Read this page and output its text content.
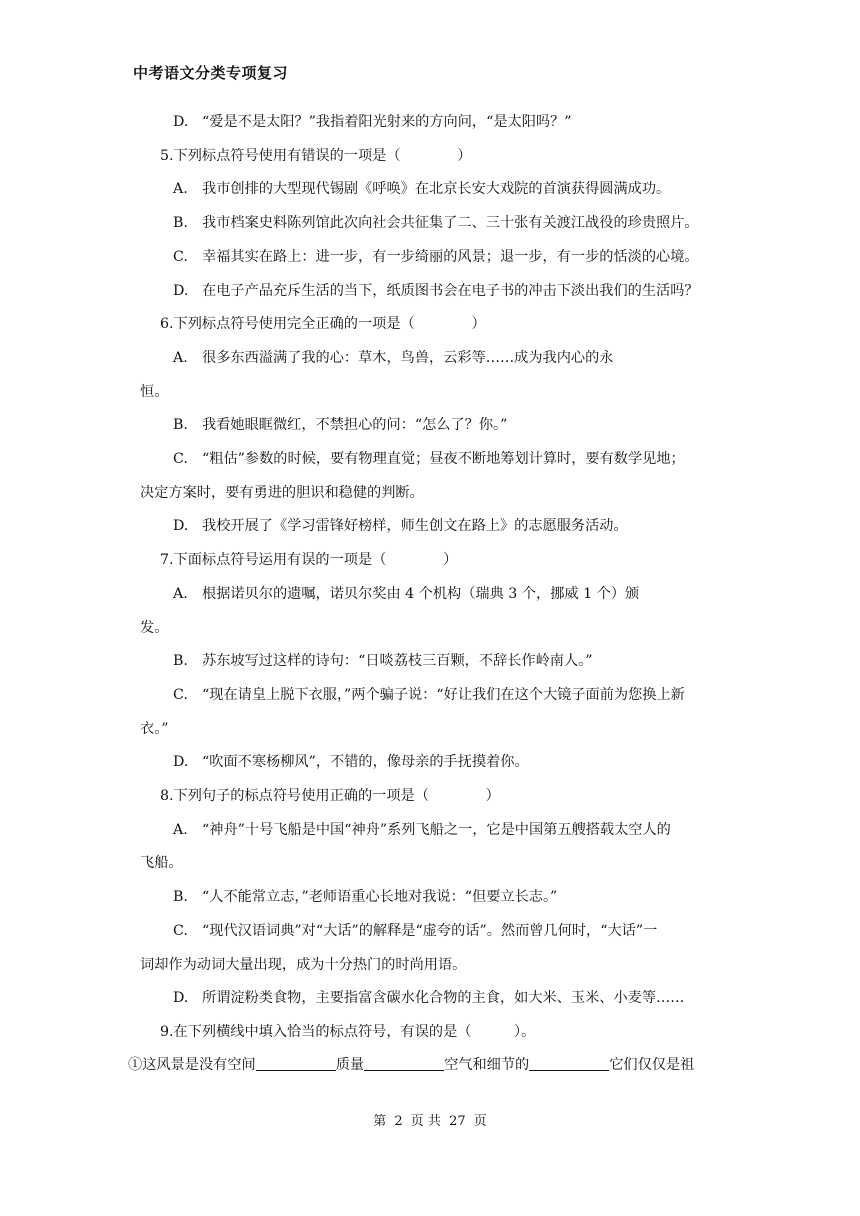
中考语文分类专项复习
D. “爱是不是太阳？”我指着阳光射来的方向问，“是太阳吗？”
5.下列标点符号使用有错误的一项是（　　　　）
A. 我市创排的大型现代锡剧《呼唤》在北京长安大戏院的首演获得圆满成功。
B. 我市档案史料陈列馆此次向社会共征集了二、三十张有关渡江战役的珍贵照片。
C. 幸福其实在路上：进一步，有一步绮丽的风景；退一步，有一步的恬淡的心境。
D. 在电子产品充斥生活的当下，纸质图书会在电子书的冲击下淡出我们的生活吗？
6.下列标点符号使用完全正确的一项是（　　　　）
A. 很多东西溢满了我的心：草木，鸟兽，云彩等……成为我内心的永
恒。
B. 我看她眼眶微红，不禁担心的问：“怎么了？你。”
C. “粗估”参数的时候，要有物理直觉；昼夜不断地筹划计算时，要有数学见地；
决定方案时，要有勇进的胆识和稳健的判断。
D. 我校开展了《学习雷锋好榜样，师生创文在路上》的志愿服务活动。
7.下面标点符号运用有误的一项是（　　　　）
A. 根据诺贝尔的遗嘱，诺贝尔奖由 4 个机构（瑞典 3 个，挪威 1 个）颁
发。
B. 苏东坡写过这样的诗句：“日啖荔枝三百颗，不辞长作岭南人。”
C. “现在请皇上脱下衣服，”两个骗子说：“好让我们在这个大镜子面前为您换上新
衣。”
D. “吹面不寒杨柳风”，不错的，像母亲的手抚摸着你。
8.下列句子的标点符号使用正确的一项是（　　　　）
A. “神舟”十号飞船是中国“神舟”系列飞船之一，它是中国第五艘搭载太空人的
飞船。
B. “人不能常立志，”老师语重心长地对我说：“但要立长志。”
C. “现代汉语词典”对“大话”的解释是“虚夸的话”。然而曾几何时，“大话”一
词却作为动词大量出现，成为十分热门的时尚用语。
D. 所谓淀粉类食物，主要指富含碳水化合物的主食，如大米、玉米、小麦等……
9.在下列横线中填入恰当的标点符号，有误的是（　　　）。
①这风景是没有空间	质量	空气和细节的	它们仅仅是祖
第 2 页 共 27 页
